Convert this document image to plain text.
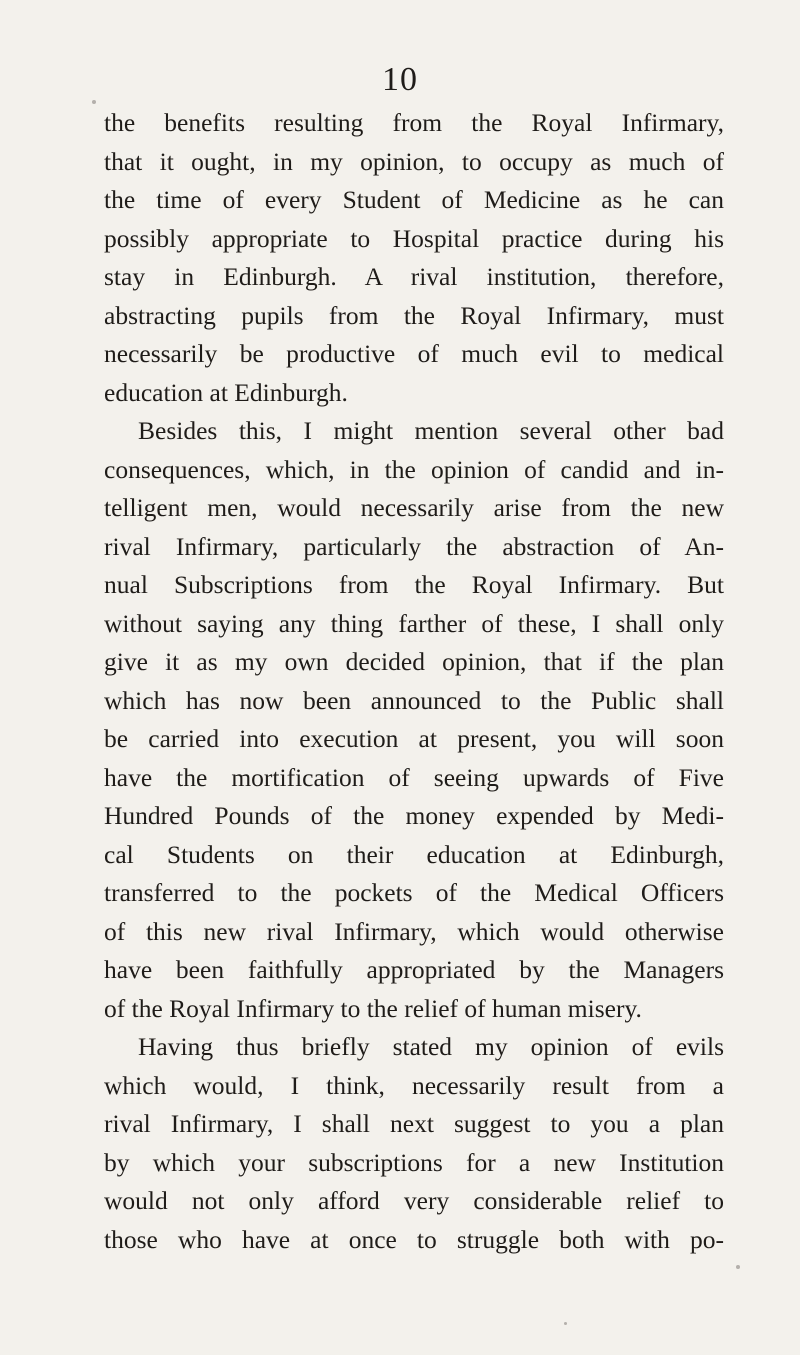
10
the benefits resulting from the Royal Infirmary,
that it ought, in my opinion, to occupy as much of
the time of every Student of Medicine as he can
possibly appropriate to Hospital practice during his
stay in Edinburgh. A rival institution, therefore,
abstracting pupils from the Royal Infirmary, must
necessarily be productive of much evil to medical
education at Edinburgh.
Besides this, I might mention several other bad
consequences, which, in the opinion of candid and in-
telligent men, would necessarily arise from the new
rival Infirmary, particularly the abstraction of An-
nual Subscriptions from the Royal Infirmary. But
without saying any thing farther of these, I shall only
give it as my own decided opinion, that if the plan
which has now been announced to the Public shall
be carried into execution at present, you will soon
have the mortification of seeing upwards of Five
Hundred Pounds of the money expended by Medi-
cal Students on their education at Edinburgh,
transferred to the pockets of the Medical Officers
of this new rival Infirmary, which would otherwise
have been faithfully appropriated by the Managers
of the Royal Infirmary to the relief of human misery.
Having thus briefly stated my opinion of evils
which would, I think, necessarily result from a
rival Infirmary, I shall next suggest to you a plan
by which your subscriptions for a new Institution
would not only afford very considerable relief to
those who have at once to struggle both with po-
